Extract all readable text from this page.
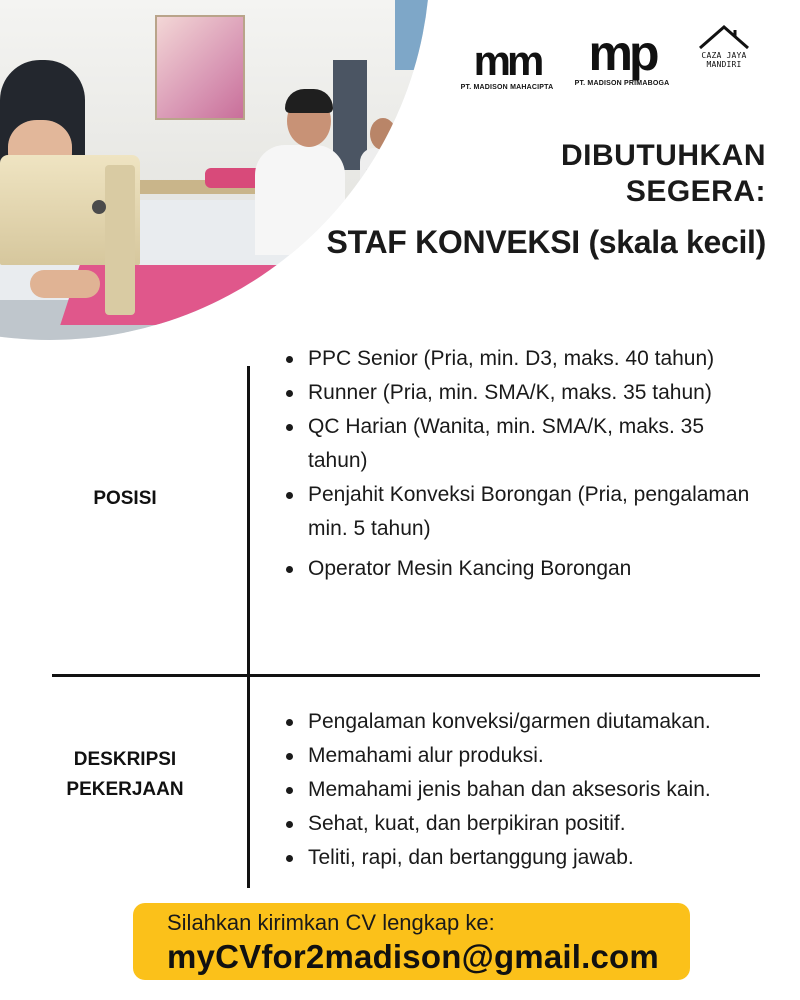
mm
PT. MADISON MAHACIPTA
mp
PT. MADISON PRIMABOGA
CAZA JAYA MANDIRI
DIBUTUHKAN
SEGERA:
STAF KONVEKSI (skala kecil)
POSISI
DESKRIPSI PEKERJAAN
PPC Senior (Pria, min. D3, maks. 40 tahun)
Runner (Pria, min. SMA/K, maks. 35 tahun)
QC Harian (Wanita, min. SMA/K, maks. 35 tahun)
Penjahit Konveksi Borongan (Pria, pengalaman min. 5 tahun)
Operator Mesin Kancing Borongan
Pengalaman konveksi/garmen diutamakan.
Memahami alur produksi.
Memahami jenis bahan dan aksesoris kain.
Sehat, kuat, dan berpikiran positif.
Teliti, rapi, dan bertanggung jawab.
Silahkan kirimkan CV lengkap ke:
myCVfor2madison@gmail.com
